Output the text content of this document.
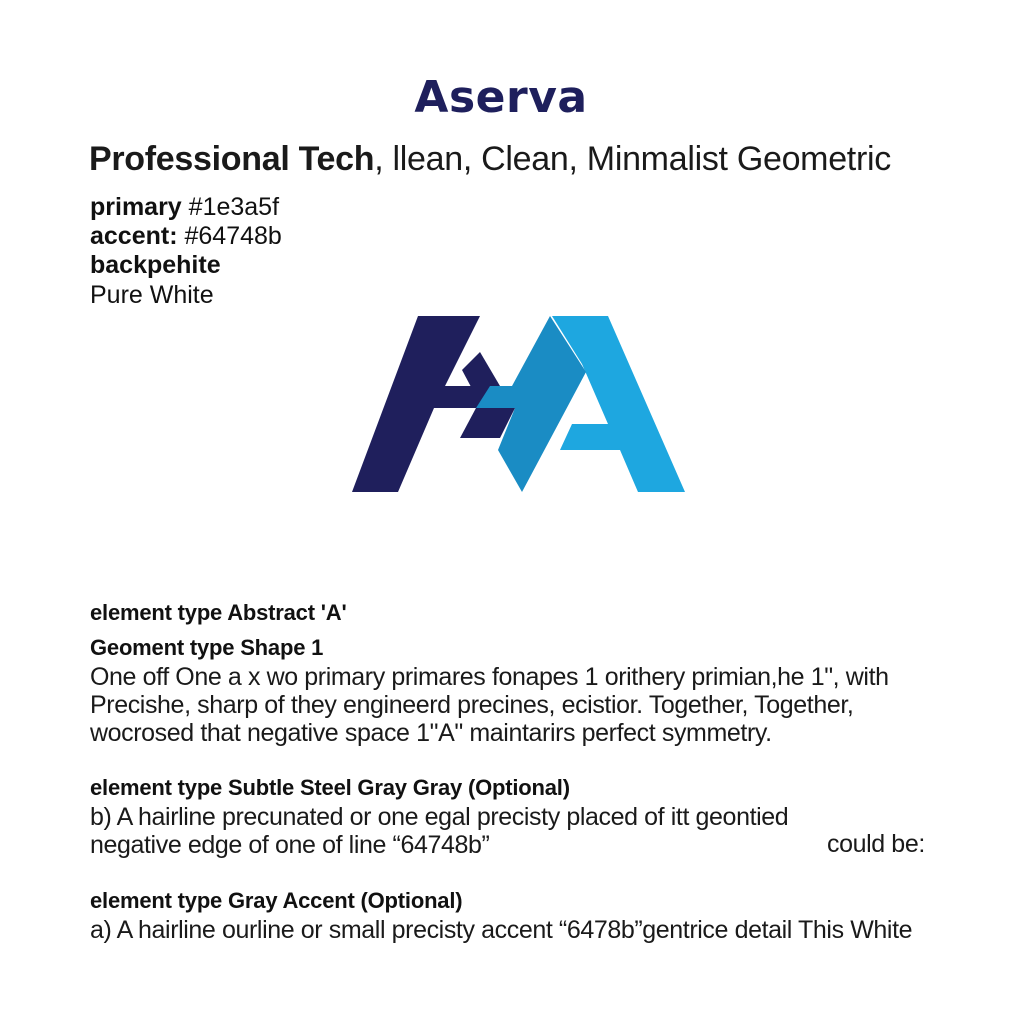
Aserva
Professional Tech, llean, Clean, Minmalist Geometric
primary #1e3a5f
accent: #64748b
backpehite
Pure White
element type Abstract 'A'
Geoment type Shape 1
One off One a x wo primary primares fonapes 1 orithery primian,he 1", with
Precishe, sharp of they engineerd precines, ecistior. Together, Together,
wocrosed that negative space 1"A" maintarirs perfect symmetry.
element type Subtle Steel Gray Gray (Optional)
b) A hairline precunated or one egal precisty placed of itt geontied
negative edge of one of line “64748b”	could be:
element type Gray Accent (Optional)
a) A hairline ourline or small precisty accent “6478b”gentrice detail This White
